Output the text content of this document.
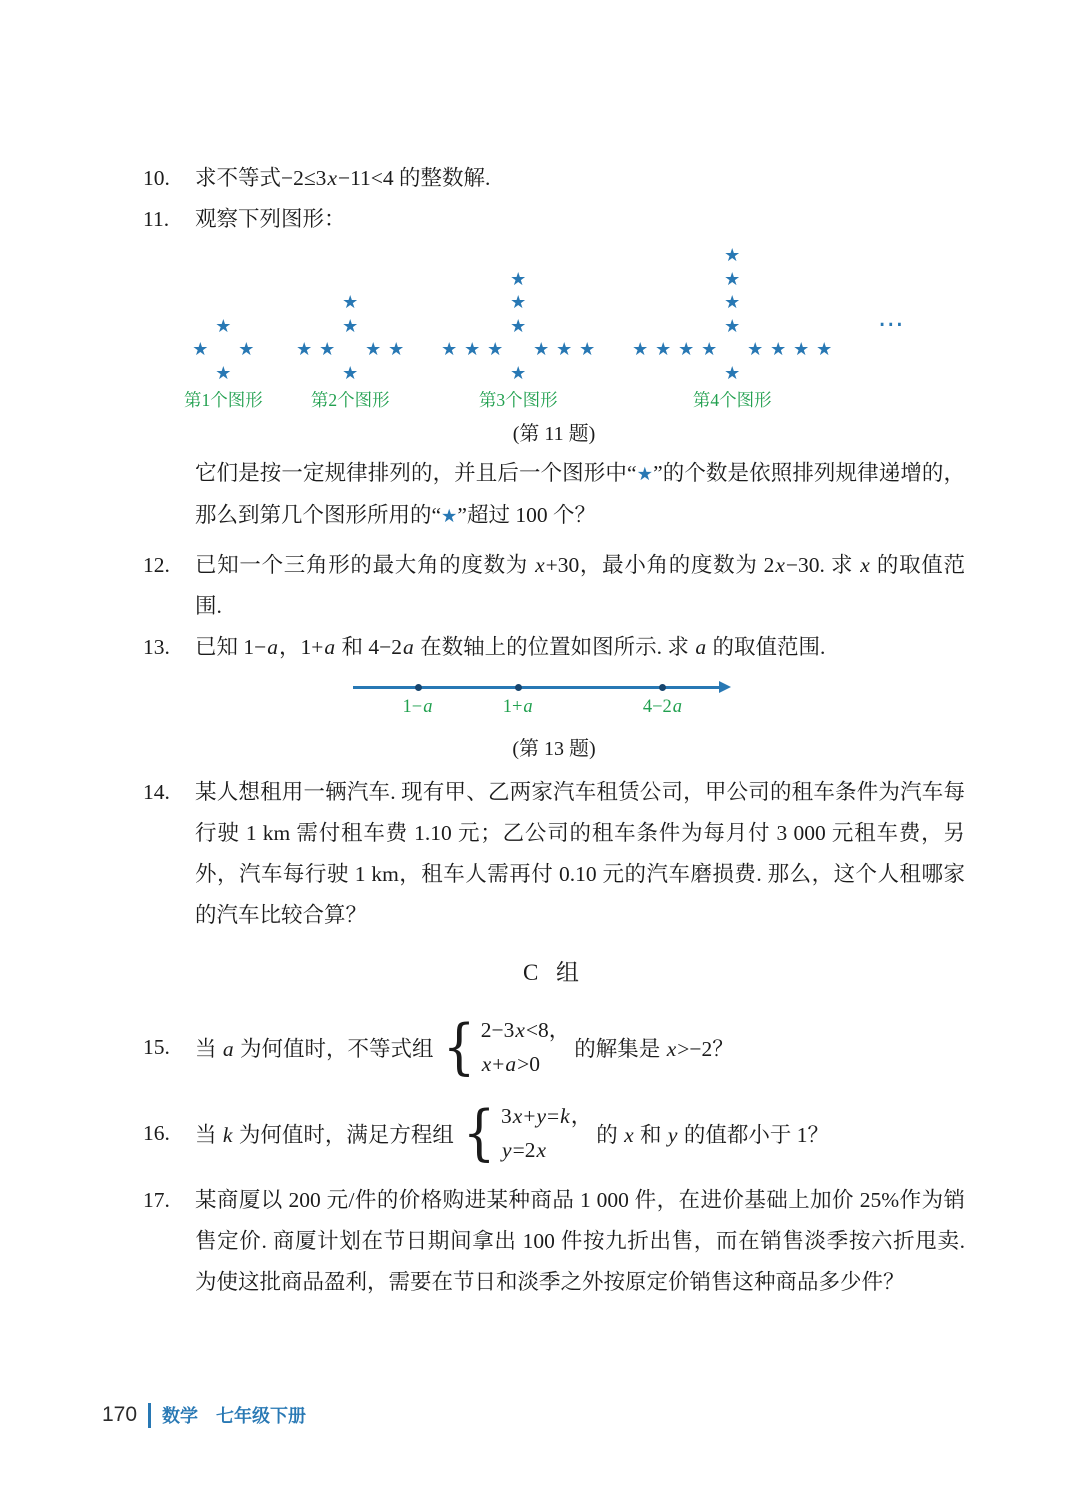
10. 求不等式−2≤3x−11<4 的整数解.

11. 观察下列图形：

★
★ ★
★
第1个图形
★
★
★ ★ ★ ★
★
第2个图形
★
★
★
★ ★ ★ ★ ★ ★
★
第3个图形
★
★
★
★
★ ★ ★ ★ ★ ★ ★ ★
★
第4个图形
…
(第 11 题)

它们是按一定规律排列的，并且后一个图形中“★”的个数是依照排列规律递增的，那么到第几个图形所用的“★”超过 100 个？

12. 已知一个三角形的最大角的度数为 x+30，最小角的度数为 2x−30. 求 x 的取值范围.

13. 已知 1−a，1+a 和 4−2a 在数轴上的位置如图所示. 求 a 的取值范围.

1−a	1+a	4−2a
(第 13 题)
14. 某人想租用一辆汽车. 现有甲、乙两家汽车租赁公司，甲公司的租车条件为汽车每行驶 1 km 需付租车费 1.10 元；乙公司的租车条件为每月付 3 000 元租车费，另外，汽车每行驶 1 km，租车人需再付 0.10 元的汽车磨损费. 那么，这个人租哪家的汽车比较合算？

C 组
15.	当 a 为何值时，不等式组 { 2−3x<8，
x+a>0
的解集是 x>−2？
16.	当 k 为何值时，满足方程组 { 3x+y=k，
y=2x
的 x 和 y 的值都小于 1？
17. 某商厦以 200 元/件的价格购进某种商品 1 000 件，在进价基础上加价 25%作为销售定价. 商厦计划在节日期间拿出 100 件按九折出售，而在销售淡季按六折甩卖. 为使这批商品盈利，需要在节日和淡季之外按原定价销售这种商品多少件？

170 数学 七年级下册
